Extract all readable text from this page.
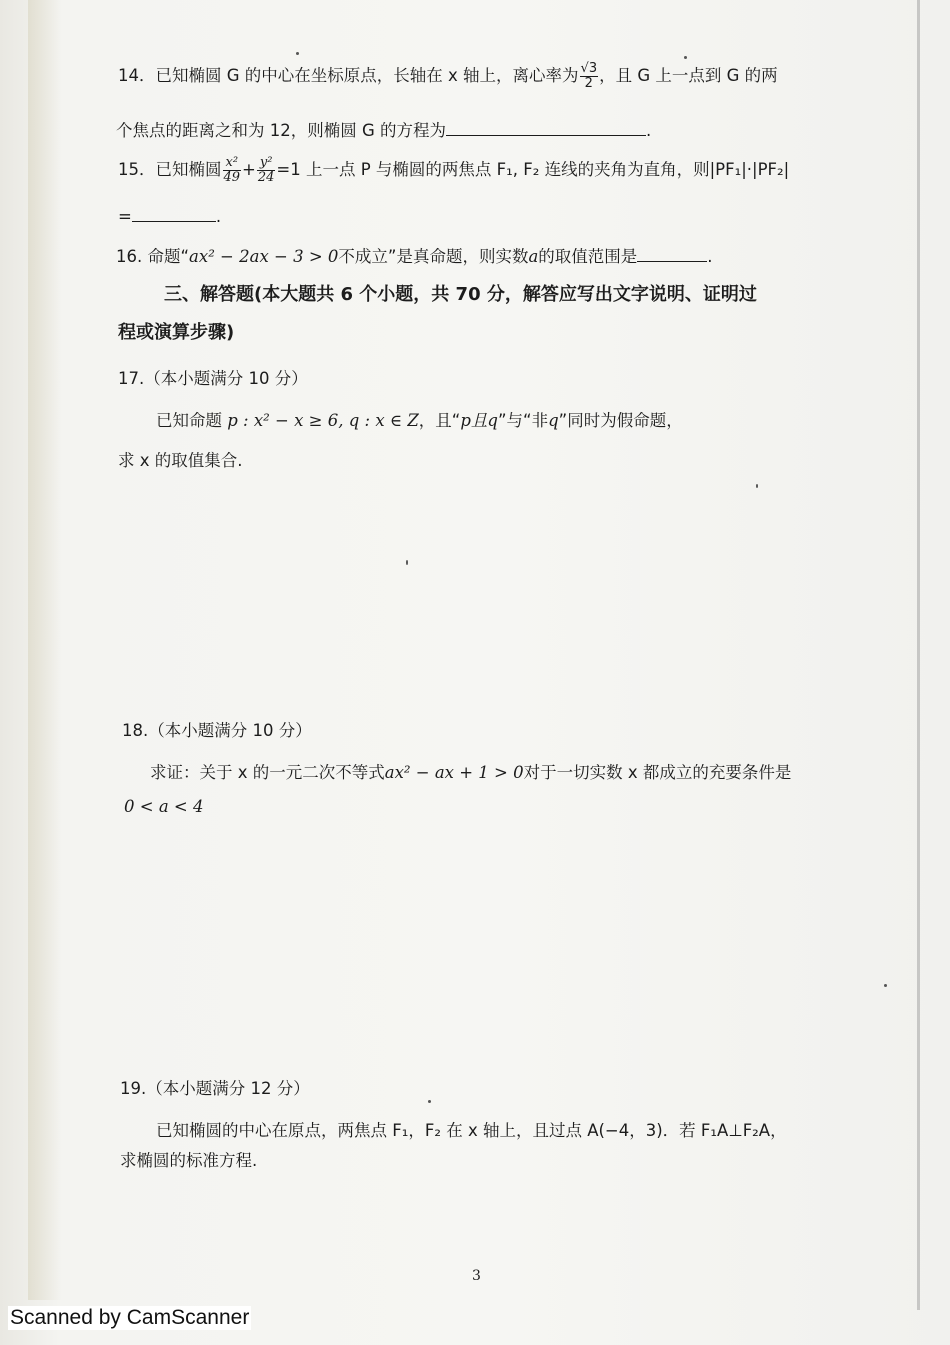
14．已知椭圆 G 的中心在坐标原点，长轴在 x 轴上，离心率为 $\frac{√3}{2}$ ，且 G 上一点到 G 的两
个焦点的距离之和为 12，则椭圆 G 的方程为	.
15．已知椭圆 $\frac{\text{x²}}{49} + \frac{\text{y²}}{24} =1$ 上一点 P 与椭圆的两焦点 F₁, F₂ 连线的夹角为直角，则|PF₁|·|PF₂|
=	.
16. 命题“ax² − 2ax − 3 > 0不成立”是真命题，则实数a的取值范围是	.
三、解答题(本大题共 6 个小题，共 70 分，解答应写出文字说明、证明过
程或演算步骤)
17.（本小题满分 10 分）
已知命题 p : x² − x ≥ 6, q : x ∈ Z，且“p且q”与“非q”同时为假命题，
求 x 的取值集合.
18.（本小题满分 10 分）
求证：关于 x 的一元二次不等式ax² − ax + 1 > 0对于一切实数 x 都成立的充要条件是
0 < a < 4
19.（本小题满分 12 分）
已知椭圆的中心在原点，两焦点 F₁，F₂ 在 x 轴上，且过点 A(−4，3)．若 F₁A⊥F₂A，
求椭圆的标准方程.
3
Scanned by CamScanner
